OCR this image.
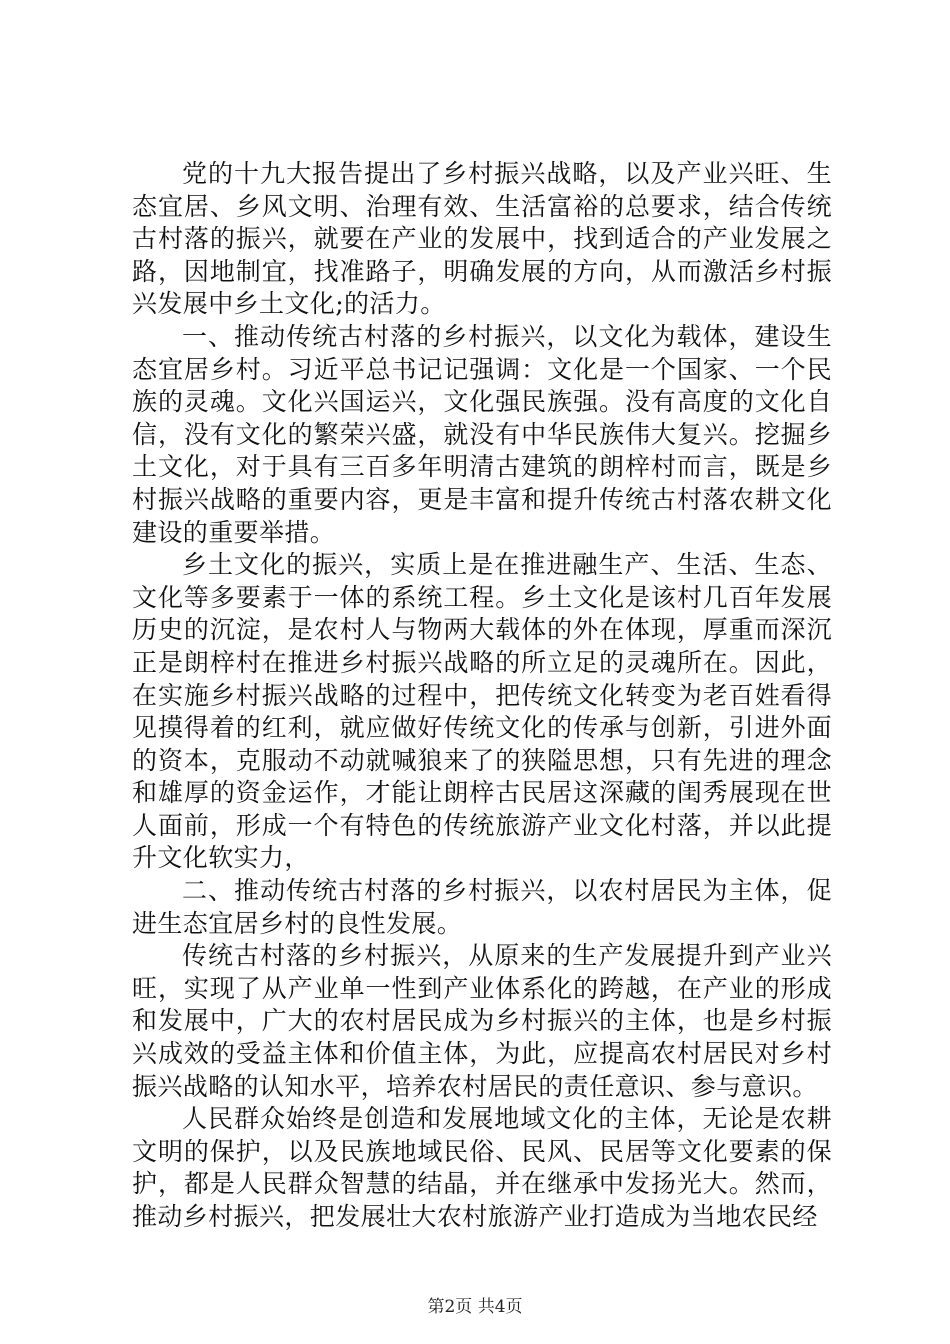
党的十九大报告提出了乡村振兴战略，以及产业兴旺、生态宜居、乡风文明、治理有效、生活富裕的总要求，结合传统古村落的振兴，就要在产业的发展中，找到适合的产业发展之路，因地制宜，找准路子，明确发展的方向，从而激活乡村振兴发展中乡土文化;的活力。

一、推动传统古村落的乡村振兴，以文化为载体，建设生态宜居乡村。习近平总书记记强调：文化是一个国家、一个民族的灵魂。文化兴国运兴，文化强民族强。没有高度的文化自信，没有文化的繁荣兴盛，就没有中华民族伟大复兴。挖掘乡土文化，对于具有三百多年明清古建筑的朗梓村而言，既是乡村振兴战略的重要内容，更是丰富和提升传统古村落农耕文化建设的重要举措。

乡土文化的振兴，实质上是在推进融生产、生活、生态、文化等多要素于一体的系统工程。乡土文化是该村几百年发展历史的沉淀，是农村人与物两大载体的外在体现，厚重而深沉正是朗梓村在推进乡村振兴战略的所立足的灵魂所在。因此，在实施乡村振兴战略的过程中，把传统文化转变为老百姓看得见摸得着的红利，就应做好传统文化的传承与创新，引进外面的资本，克服动不动就喊狼来了的狭隘思想，只有先进的理念和雄厚的资金运作，才能让朗梓古民居这深藏的闺秀展现在世人面前，形成一个有特色的传统旅游产业文化村落，并以此提升文化软实力，

二、推动传统古村落的乡村振兴，以农村居民为主体，促进生态宜居乡村的良性发展。

传统古村落的乡村振兴，从原来的生产发展提升到产业兴旺，实现了从产业单一性到产业体系化的跨越，在产业的形成和发展中，广大的农村居民成为乡村振兴的主体，也是乡村振兴成效的受益主体和价值主体，为此，应提高农村居民对乡村振兴战略的认知水平，培养农村居民的责任意识、参与意识。

人民群众始终是创造和发展地域文化的主体，无论是农耕文明的保护，以及民族地域民俗、民风、民居等文化要素的保护，都是人民群众智慧的结晶，并在继承中发扬光大。然而，推动乡村振兴，把发展壮大农村旅游产业打造成为当地农民经

第2页 共4页
